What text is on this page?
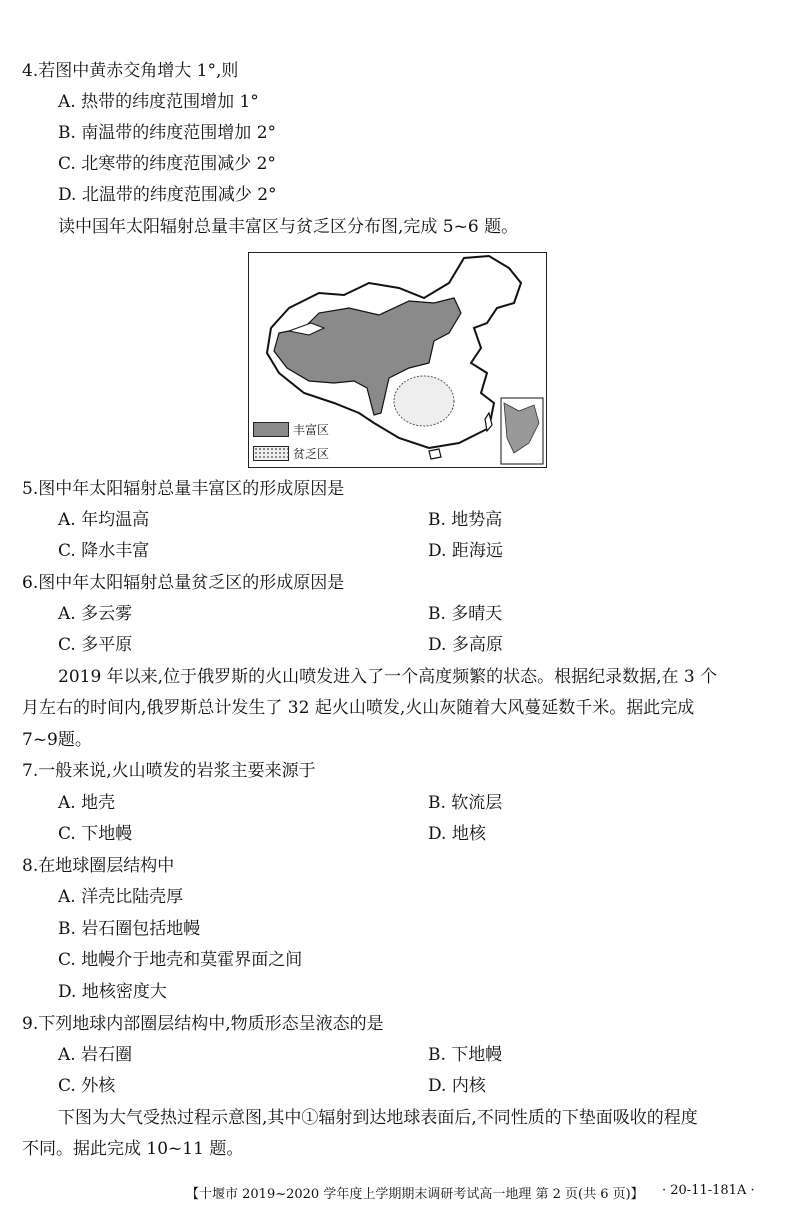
4.若图中黄赤交角增大 1°,则
A. 热带的纬度范围增加 1°
B. 南温带的纬度范围增加 2°
C. 北寒带的纬度范围减少 2°
D. 北温带的纬度范围减少 2°
读中国年太阳辐射总量丰富区与贫乏区分布图,完成 5~6 题。
丰富区
贫乏区
5.图中年太阳辐射总量丰富区的形成原因是
A. 年均温高	B. 地势高
C. 降水丰富	D. 距海远
6.图中年太阳辐射总量贫乏区的形成原因是
A. 多云雾	B. 多晴天
C. 多平原	D. 多高原
2019 年以来,位于俄罗斯的火山喷发进入了一个高度频繁的状态。根据纪录数据,在 3 个
月左右的时间内,俄罗斯总计发生了 32 起火山喷发,火山灰随着大风蔓延数千米。据此完成
7~9题。
7.一般来说,火山喷发的岩浆主要来源于
A. 地壳	B. 软流层
C. 下地幔	D. 地核
8.在地球圈层结构中
A. 洋壳比陆壳厚
B. 岩石圈包括地幔
C. 地幔介于地壳和莫霍界面之间
D. 地核密度大
9.下列地球内部圈层结构中,物质形态呈液态的是
A. 岩石圈	B. 下地幔
C. 外核	D. 内核
下图为大气受热过程示意图,其中①辐射到达地球表面后,不同性质的下垫面吸收的程度
不同。据此完成 10~11 题。
【十堰市 2019~2020 学年度上学期期末调研考试高一地理 第 2 页(共 6 页)】 · 20-11-181A ·
